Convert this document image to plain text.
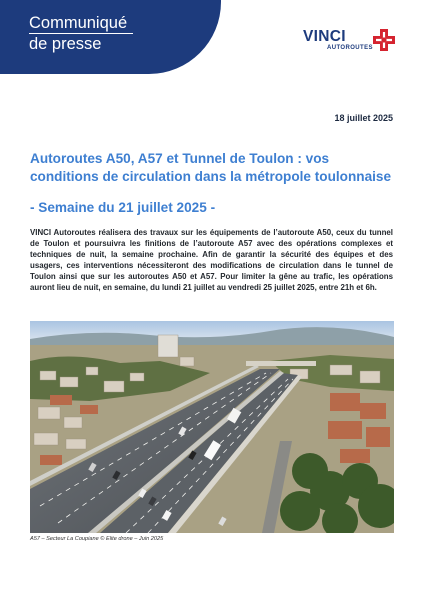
Communiqué
de presse	VINCI
AUTOROUTES
18 juillet 2025
Autoroutes A50, A57 et Tunnel de Toulon : vos conditions de circulation dans la métropole toulonnaise
- Semaine du 21 juillet 2025 -
VINCI Autoroutes réalisera des travaux sur les équipements de l’autoroute A50, ceux du tunnel de Toulon et poursuivra les finitions de l’autoroute A57 avec des opérations complexes et techniques de nuit, la semaine prochaine. Afin de garantir la sécurité des équipes et des usagers, ces interventions nécessiteront des modifications de circulation dans le tunnel de Toulon ainsi que sur les autoroutes A50 et A57. Pour limiter la gêne au trafic, les opérations auront lieu de nuit, en semaine, du lundi 21 juillet au vendredi 25 juillet 2025, entre 21h et 6h.
A57 – Secteur La Coupiane © Elite drone – Juin 2025
